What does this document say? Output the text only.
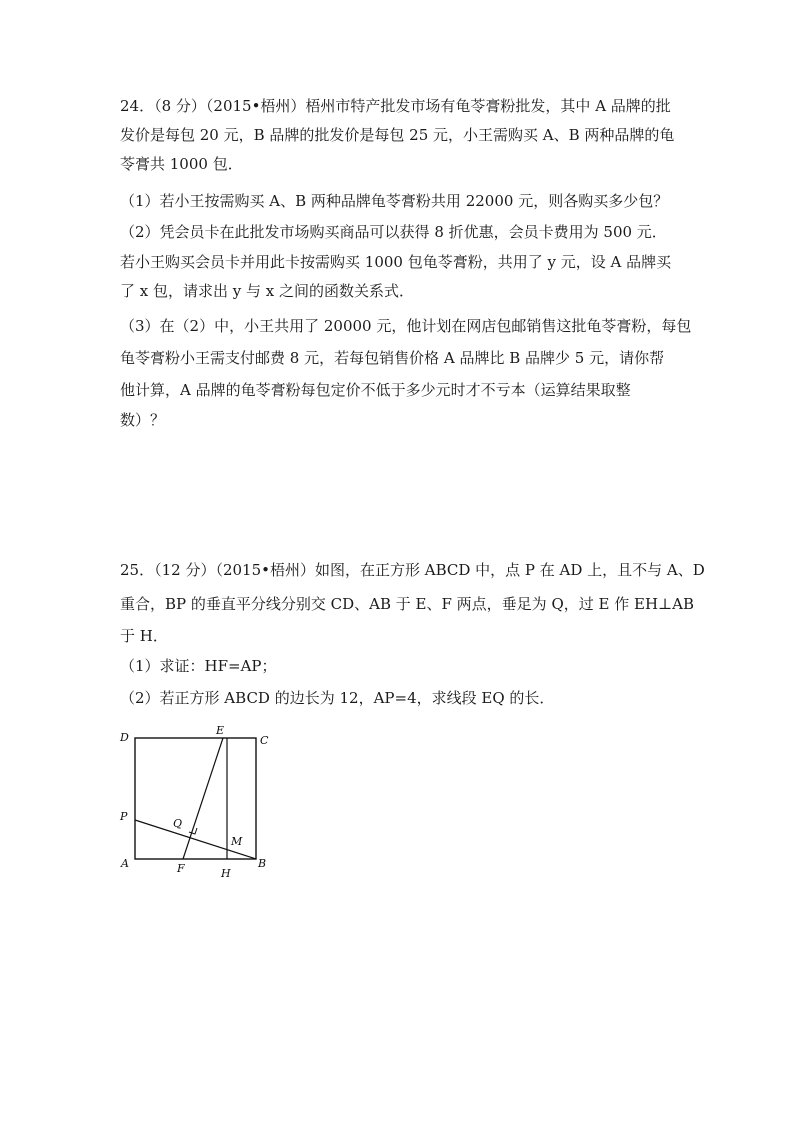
24．（8 分）（2015•梧州）梧州市特产批发市场有龟苓膏粉批发，其中 A 品牌的批
发价是每包 20 元，B 品牌的批发价是每包 25 元，小王需购买 A、B 两种品牌的龟
苓膏共 1000 包．
（1）若小王按需购买 A、B 两种品牌龟苓膏粉共用 22000 元，则各购买多少包？
（2）凭会员卡在此批发市场购买商品可以获得 8 折优惠，会员卡费用为 500 元．
若小王购买会员卡并用此卡按需购买 1000 包龟苓膏粉，共用了 y 元，设 A 品牌买
了 x 包，请求出 y 与 x 之间的函数关系式．
（3）在（2）中，小王共用了 20000 元，他计划在网店包邮销售这批龟苓膏粉，每包
龟苓膏粉小王需支付邮费 8 元，若每包销售价格 A 品牌比 B 品牌少 5 元，请你帮
他计算，A 品牌的龟苓膏粉每包定价不低于多少元时才不亏本（运算结果取整
数）？
25．（12 分）（2015•梧州）如图，在正方形 ABCD 中，点 P 在 AD 上，且不与 A、D
重合，BP 的垂直平分线分别交 CD、AB 于 E、F 两点，垂足为 Q，过 E 作 EH⊥AB
于 H．
（1）求证：HF=AP；
（2）若正方形 ABCD 的边长为 12，AP=4，求线段 EQ 的长．
D
E
C
P
Q
M
A	F	H
B
